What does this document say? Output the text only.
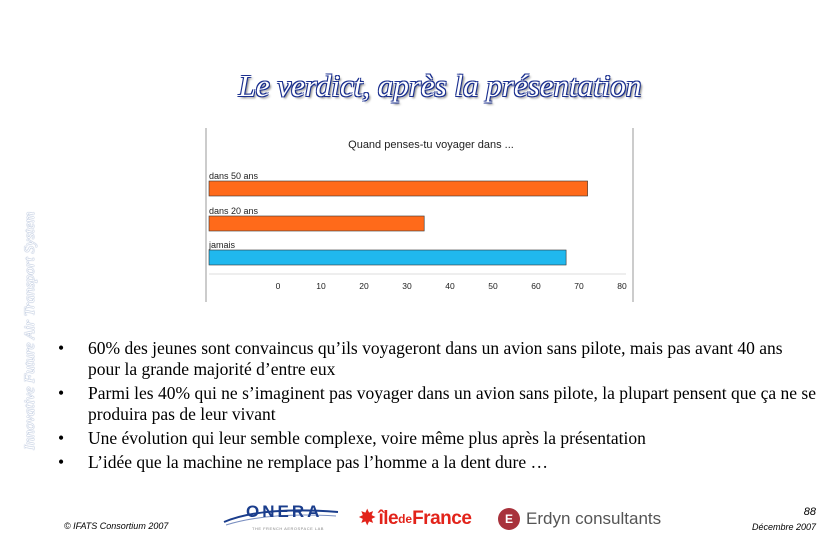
Innovative Future Air Transport System
Le verdict, après la présentation
Quand penses-tu voyager dans ...
dans 50 ans
dans 20 ans
jamais
0	10	20	30	40	50	60	70	80
• 60% des jeunes sont convaincus qu’ils voyageront dans un avion sans pilote, mais pas avant 40 ans pour la grande majorité d’entre eux
• Parmi les 40% qui ne s’imaginent pas voyager dans un avion sans pilote, la plupart pensent que ça ne se produira pas de leur vivant
• Une évolution qui leur semble complexe, voire même plus après la présentation
• L’idée que la machine ne remplace pas l’homme a la dent dure …
© IFATS Consortium 2007
ONERA
THE FRENCH AEROSPACE LAB ✸ île de France	E Erdyn consultants	88
Décembre 2007
